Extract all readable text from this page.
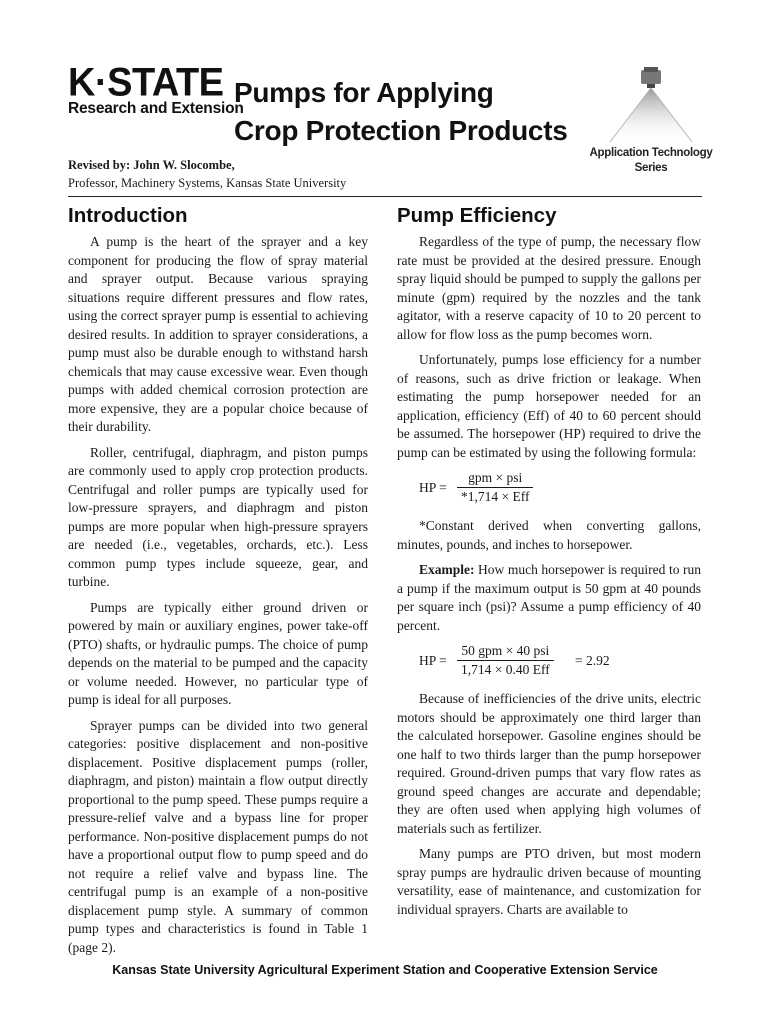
K·STATE
Research and Extension
Pumps for Applying
Crop Protection Products
Application Technology
Series
Revised by: John W. Slocombe,
Professor, Machinery Systems, Kansas State University
Introduction

A pump is the heart of the sprayer and a key component for producing the flow of spray material and sprayer output. Because various spraying situations require different pressures and flow rates, using the correct sprayer pump is essential to achieving desired results. In addition to sprayer considerations, a pump must also be durable enough to withstand harsh chemicals that may cause excessive wear. Even though pumps with added chemical corrosion protection are more expensive, they are a popular choice because of their durability.

Roller, centrifugal, diaphragm, and piston pumps are commonly used to apply crop protection products. Centrifugal and roller pumps are typically used for low-pressure sprayers, and diaphragm and piston pumps are more popular when high-pressure sprayers are needed (i.e., vegetables, orchards, etc.). Less common pump types include squeeze, gear, and turbine.

Pumps are typically either ground driven or powered by main or auxiliary engines, power take-off (PTO) shafts, or hydraulic pumps. The choice of pump depends on the material to be pumped and the capacity or volume needed. However, no particular type of pump is ideal for all purposes.

Sprayer pumps can be divided into two general categories: positive displacement and non-positive displacement. Positive displacement pumps (roller, diaphragm, and piston) maintain a flow output directly proportional to the pump speed. These pumps require a pressure-relief valve and a bypass line for proper performance. Non-positive displacement pumps do not have a proportional output flow to pump speed and do not require a relief valve and bypass line. The centrifugal pump is an example of a non-positive displacement pump style. A summary of common pump types and characteristics is found in Table 1 (page 2).

Pump Efficiency

Regardless of the type of pump, the necessary flow rate must be provided at the desired pressure. Enough spray liquid should be pumped to supply the gallons per minute (gpm) required by the nozzles and the tank agitator, with a reserve capacity of 10 to 20 percent to allow for flow loss as the pump becomes worn.

Unfortunately, pumps lose efficiency for a number of reasons, such as drive friction or leakage. When estimating the pump horsepower needed for an application, efficiency (Eff) of 40 to 60 percent should be assumed. The horsepower (HP) required to drive the pump can be estimated by using the following formula:

HP =
gpm × psi
*1,714 × Eff

*Constant derived when converting gallons, minutes, pounds, and inches to horsepower.

Example: How much horsepower is required to run a pump if the maximum output is 50 gpm at 40 pounds per square inch (psi)? Assume a pump efficiency of 40 percent.

HP =
50 gpm × 40 psi
1,714 × 0.40 Eff
= 2.92

Because of inefficiencies of the drive units, electric motors should be approximately one third larger than the calculated horsepower. Gasoline engines should be one half to two thirds larger than the pump horsepower required. Ground-driven pumps that vary flow rates as ground speed changes are accurate and dependable; they are often used when applying high volumes of materials such as fertilizer.

Many pumps are PTO driven, but most modern spray pumps are hydraulic driven because of mounting versatility, ease of maintenance, and customization for individual sprayers. Charts are available to

Kansas State University Agricultural Experiment Station and Cooperative Extension Service
